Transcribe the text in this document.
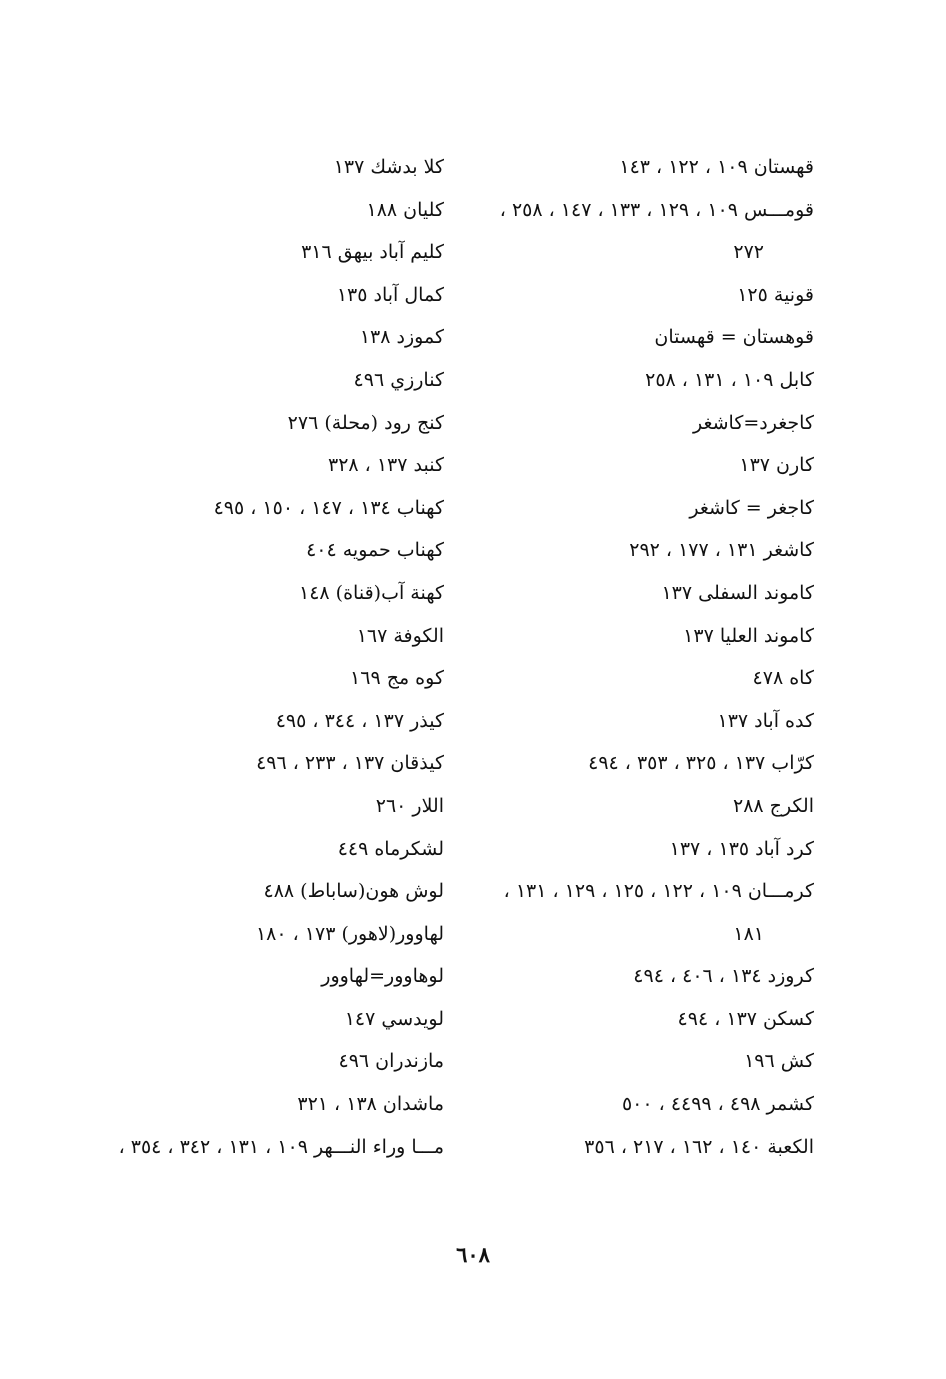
قهستان ١٠٩ ، ١٢٢ ، ١٤٣
قومـــس ١٠٩ ، ١٢٩ ، ١٣٣ ، ١٤٧ ، ٢٥٨ ،
٢٧٢
قونية ١٢٥
قوهستان = قهستان
كابل ١٠٩ ، ١٣١ ، ٢٥٨
كاجغرد=كاشغر
كارن ١٣٧
كاجغر = كاشغر
كاشغر ١٣١ ، ١٧٧ ، ٢٩٢
كاموند السفلى ١٣٧
كاموند العليا ١٣٧
كاه ٤٧٨
كده آباد ١٣٧
كرّاب ١٣٧ ، ٣٢٥ ، ٣٥٣ ، ٤٩٤
الكرج ٢٨٨
كرد آباد ١٣٥ ، ١٣٧
كرمـــان ١٠٩ ، ١٢٢ ، ١٢٥ ، ١٢٩ ، ١٣١ ،
١٨١
كروزد ١٣٤ ، ٤٠٦ ، ٤٩٤
كسكن ١٣٧ ، ٤٩٤
كش ١٩٦
كشمر ٤٩٨ ، ٤٤٩٩ ، ٥٠٠
الكعبة ١٤٠ ، ١٦٢ ، ٢١٧ ، ٣٥٦
كلا بدشك ١٣٧
كليان ١٨٨
كليم آباد بيهق ٣١٦
كمال آباد ١٣٥
كموزد ١٣٨
كنارزي ٤٩٦
كنج رود (محلة) ٢٧٦
كنبد ١٣٧ ، ٣٢٨
كهناب ١٣٤ ، ١٤٧ ، ١٥٠ ، ٤٩٥
كهناب حمويه ٤٠٤
كهنة آب(قناة) ١٤٨
الكوفة ١٦٧
كوه مج ١٦٩
كيذر ١٣٧ ، ٣٤٤ ، ٤٩٥
كيذقان ١٣٧ ، ٢٣٣ ، ٤٩٦
اللار ٢٦٠
لشكرماه ٤٤٩
لوش هون(ساباط) ٤٨٨
لهاوور(لاهور) ١٧٣ ، ١٨٠
لوهاوور=لهاوور
لويدسي ١٤٧
مازندران ٤٩٦
ماشدان ١٣٨ ، ٣٢١
مـــا وراء النـــهر ١٠٩ ، ١٣١ ، ٣٤٢ ، ٣٥٤ ،
٦٠٨
